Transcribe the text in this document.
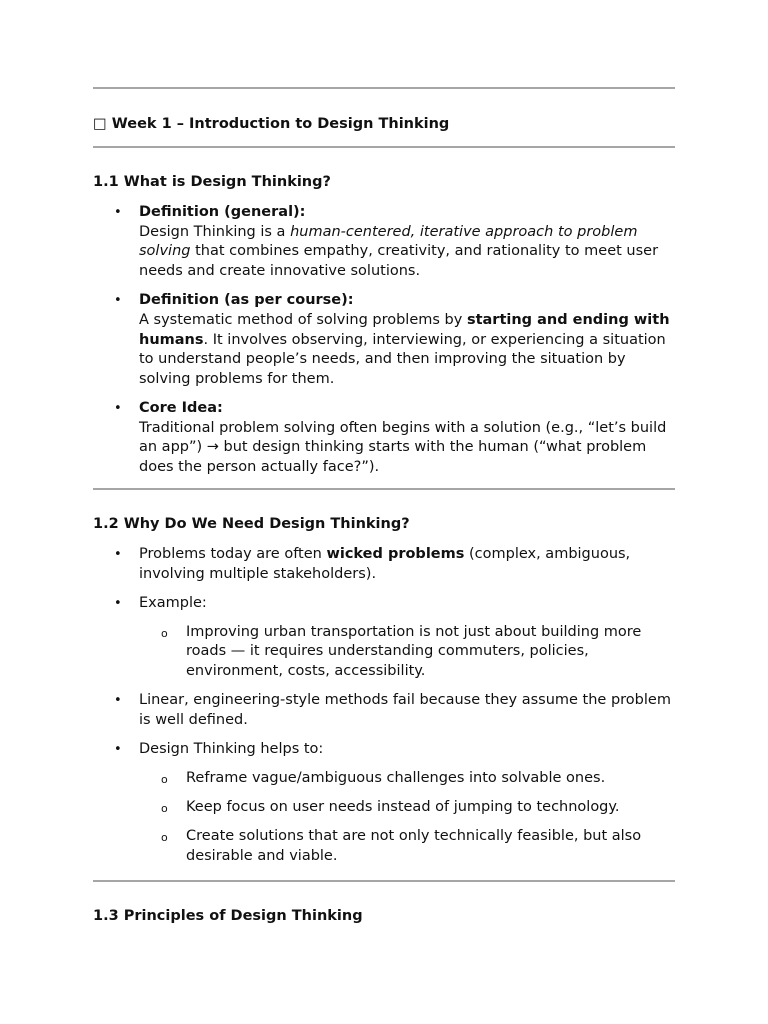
□ Week 1 – Introduction to Design Thinking
1.1 What is Design Thinking?
• Definition (general):
Design Thinking is a human-centered, iterative approach to problem solving that combines empathy, creativity, and rationality to meet user needs and create innovative solutions.
• Definition (as per course):
A systematic method of solving problems by starting and ending with humans. It involves observing, interviewing, or experiencing a situation to understand people’s needs, and then improving the situation by solving problems for them.
• Core Idea:
Traditional problem solving often begins with a solution (e.g., “let’s build an app”) → but design thinking starts with the human (“what problem does the person actually face?”).
1.2 Why Do We Need Design Thinking?
• Problems today are often wicked problems (complex, ambiguous, involving multiple stakeholders).
• Example:
o Improving urban transportation is not just about building more roads — it requires understanding commuters, policies, environment, costs, accessibility.
• Linear, engineering-style methods fail because they assume the problem is well defined.
• Design Thinking helps to:
o Reframe vague/ambiguous challenges into solvable ones.
o Keep focus on user needs instead of jumping to technology.
o Create solutions that are not only technically feasible, but also desirable and viable.
1.3 Principles of Design Thinking
